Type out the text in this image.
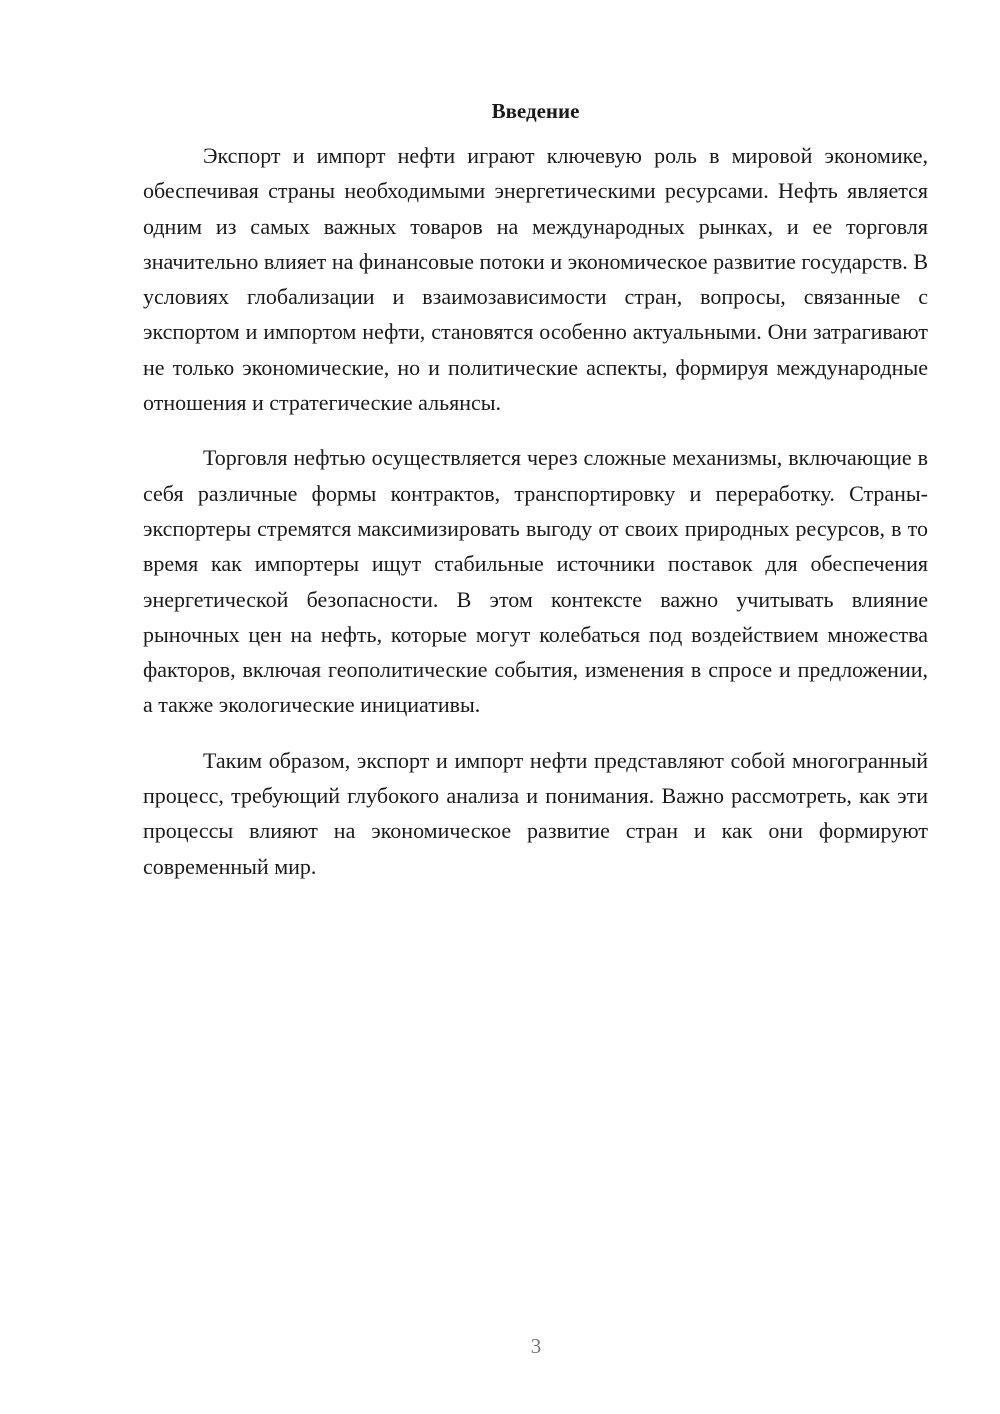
Введение

Экспорт и импорт нефти играют ключевую роль в мировой экономике, обеспечивая страны необходимыми энергетическими ресурсами. Нефть является одним из самых важных товаров на международных рынках, и ее торговля значительно влияет на финансовые потоки и экономическое развитие государств. В условиях глобализации и взаимозависимости стран, вопросы, связанные с экспортом и импортом нефти, становятся особенно актуальными. Они затрагивают не только экономические, но и политические аспекты, формируя международные отношения и стратегические альянсы.

Торговля нефтью осуществляется через сложные механизмы, включающие в себя различные формы контрактов, транспортировку и переработку. Страны-экспортеры стремятся максимизировать выгоду от своих природных ресурсов, в то время как импортеры ищут стабильные источники поставок для обеспечения энергетической безопасности. В этом контексте важно учитывать влияние рыночных цен на нефть, которые могут колебаться под воздействием множества факторов, включая геополитические события, изменения в спросе и предложении, а также экологические инициативы.

Таким образом, экспорт и импорт нефти представляют собой многогранный процесс, требующий глубокого анализа и понимания. Важно рассмотреть, как эти процессы влияют на экономическое развитие стран и как они формируют современный мир.

3
